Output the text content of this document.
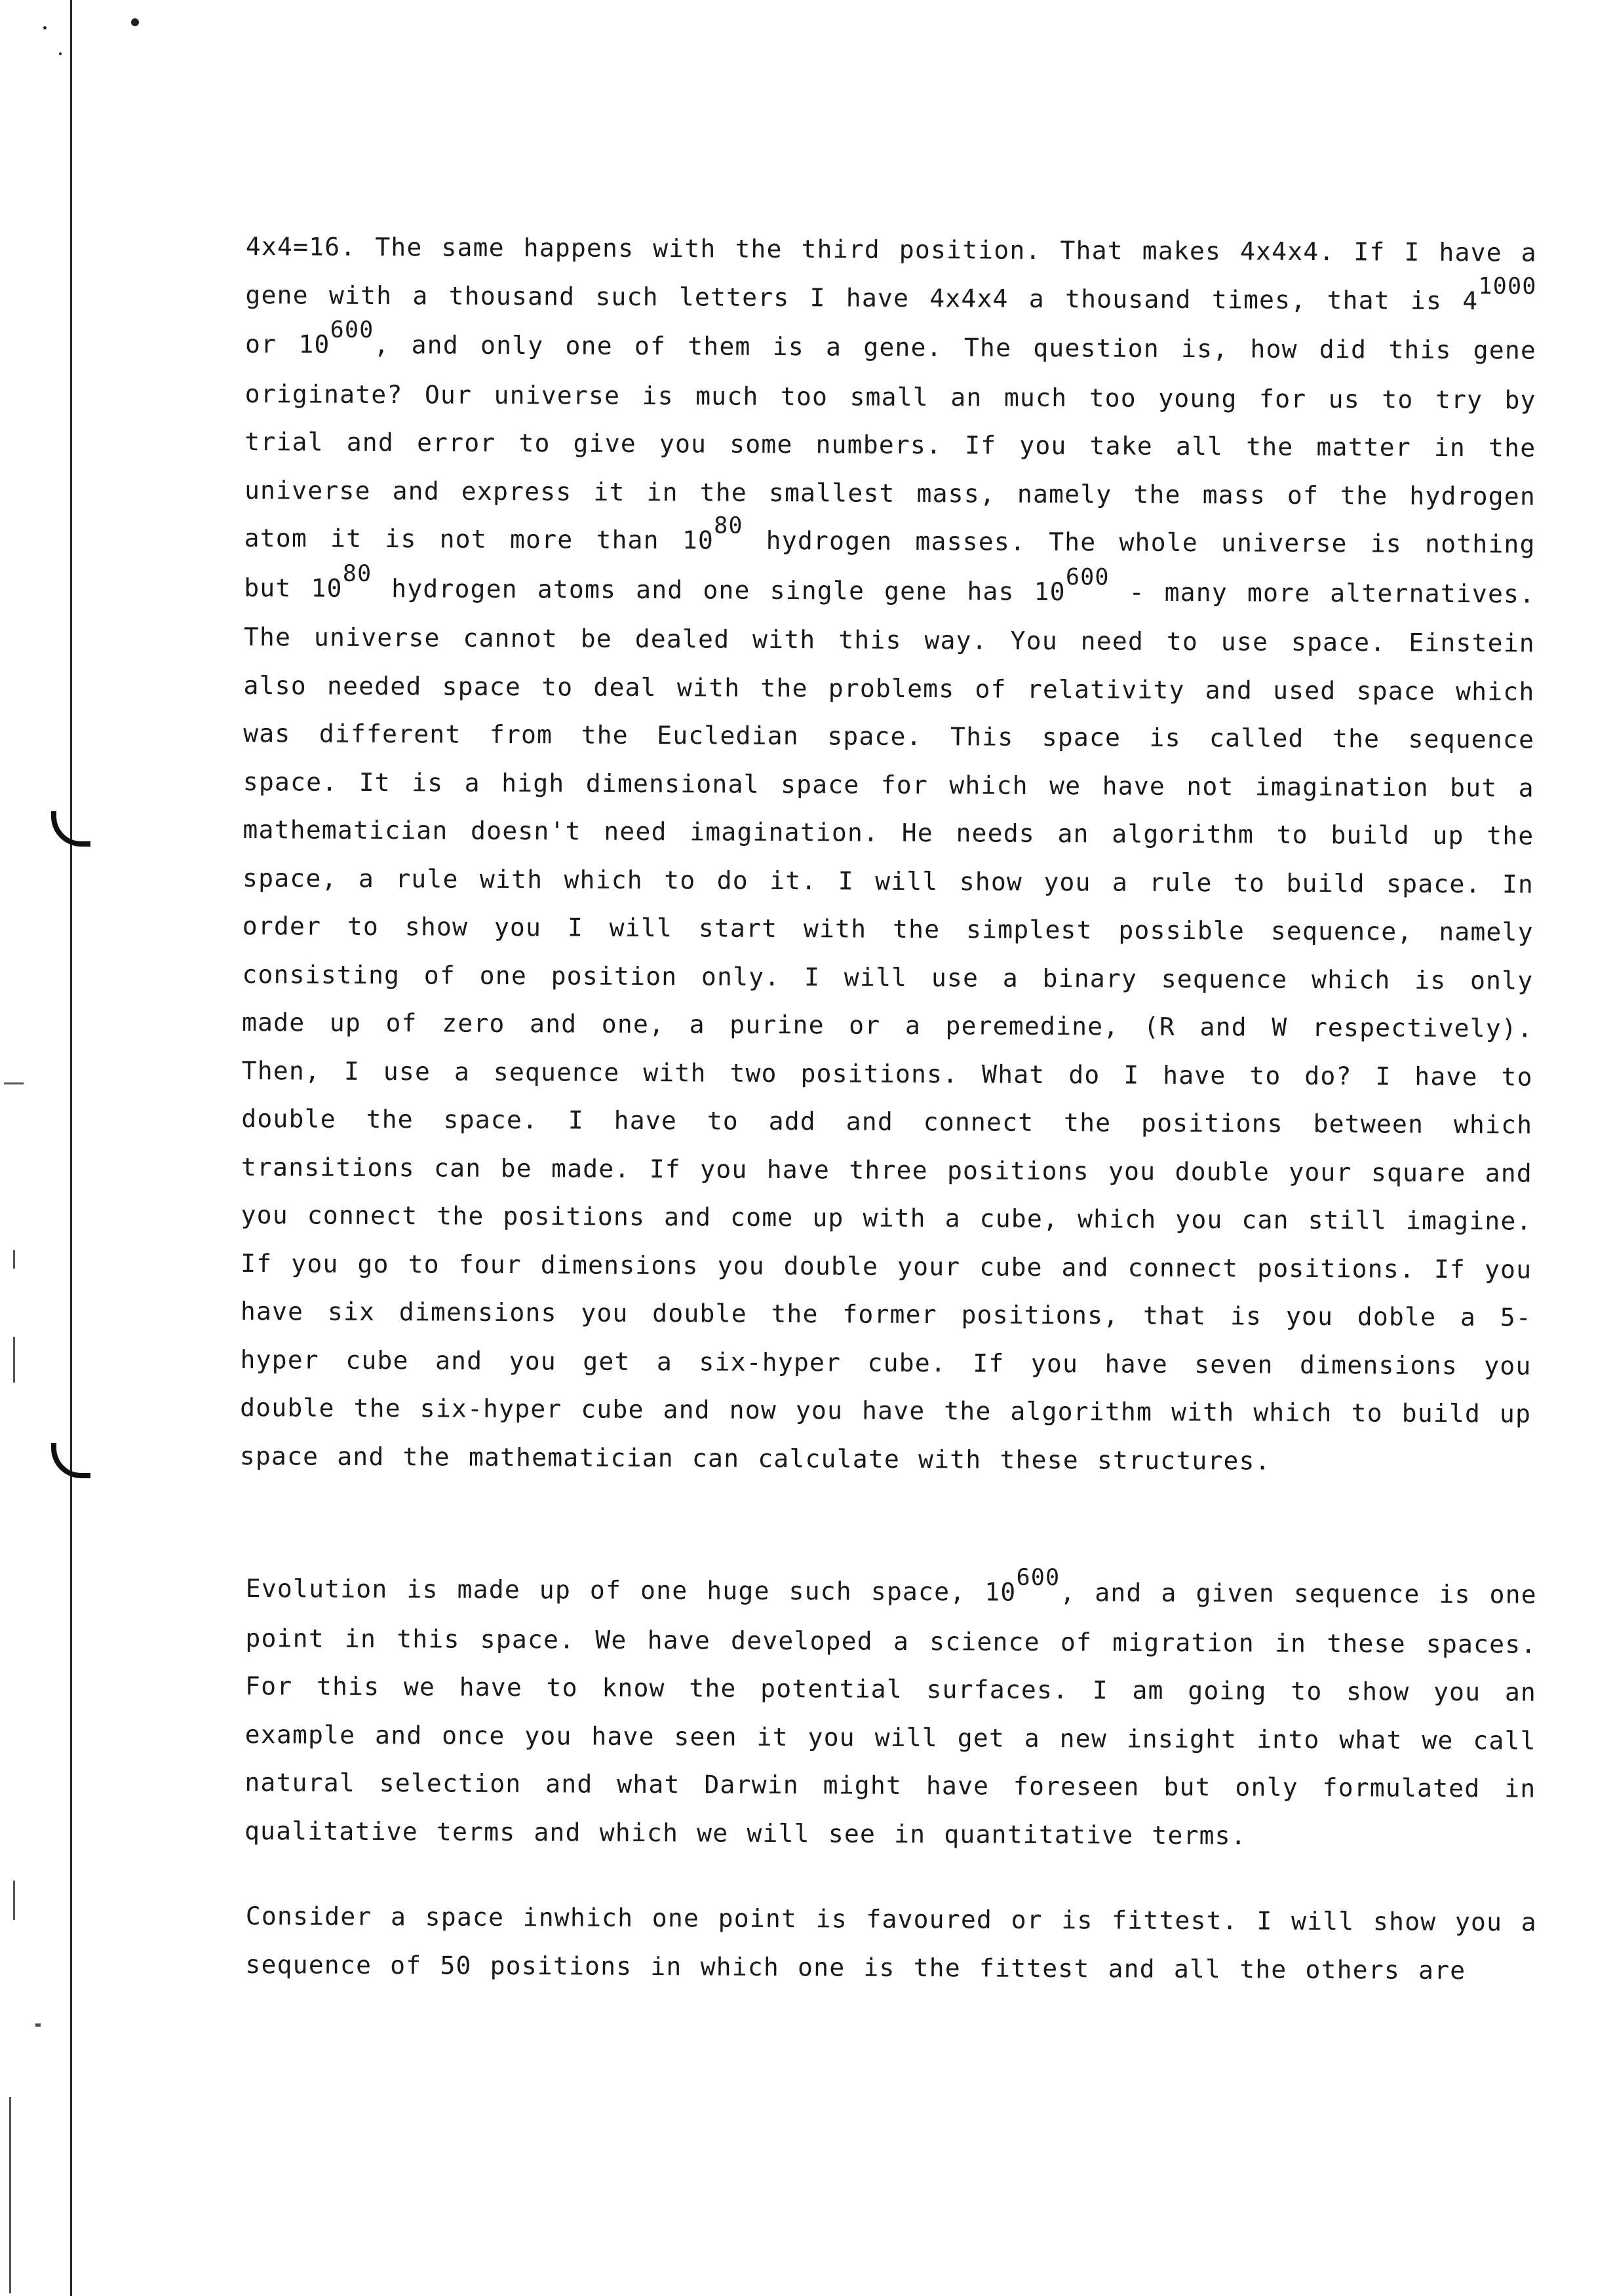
4x4=16. The same happens with the third position. That makes 4x4x4. If I have a gene with a thousand such letters I have 4x4x4 a thousand times, that is 41000 or 10600, and only one of them is a gene. The question is, how did this gene originate? Our universe is much too small an much too young for us to try by trial and error to give you some numbers. If you take all the matter in the universe and express it in the smallest mass, namely the mass of the hydrogen atom it is not more than 1080 hydrogen masses. The whole universe is nothing but 1080 hydrogen atoms and one single gene has 10600 - many more alternatives. The universe cannot be dealed with this way. You need to use space. Einstein also needed space to deal with the problems of relativity and used space which was different from the Eucledian space. This space is called the sequence space. It is a high dimensional space for which we have not imagination but a mathematician doesn't need imagination. He needs an algorithm to build up the space, a rule with which to do it. I will show you a rule to build space. In order to show you I will start with the simplest possible sequence, namely consisting of one position only. I will use a binary sequence which is only made up of zero and one, a purine or a peremedine, (R and W respectively). Then, I use a sequence with two positions. What do I have to do? I have to double the space. I have to add and connect the positions between which transitions can be made. If you have three positions you double your square and you connect the positions and come up with a cube, which you can still imagine. If you go to four dimensions you double your cube and connect positions. If you have six dimensions you double the former positions, that is you doble a 5-hyper cube and you get a six-hyper cube. If you have seven dimensions you double the six-hyper cube and now you have the algorithm with which to build up space and the mathematician can calculate with these structures.

Evolution is made up of one huge such space, 10600, and a given sequence is one point in this space. We have developed a science of migration in these spaces. For this we have to know the potential surfaces. I am going to show you an example and once you have seen it you will get a new insight into what we call natural selection and what Darwin might have foreseen but only formulated in qualitative terms and which we will see in quantitative terms.

Consider a space inwhich one point is favoured or is fittest. I will show you a sequence of 50 positions in which one is the fittest and all the others are
